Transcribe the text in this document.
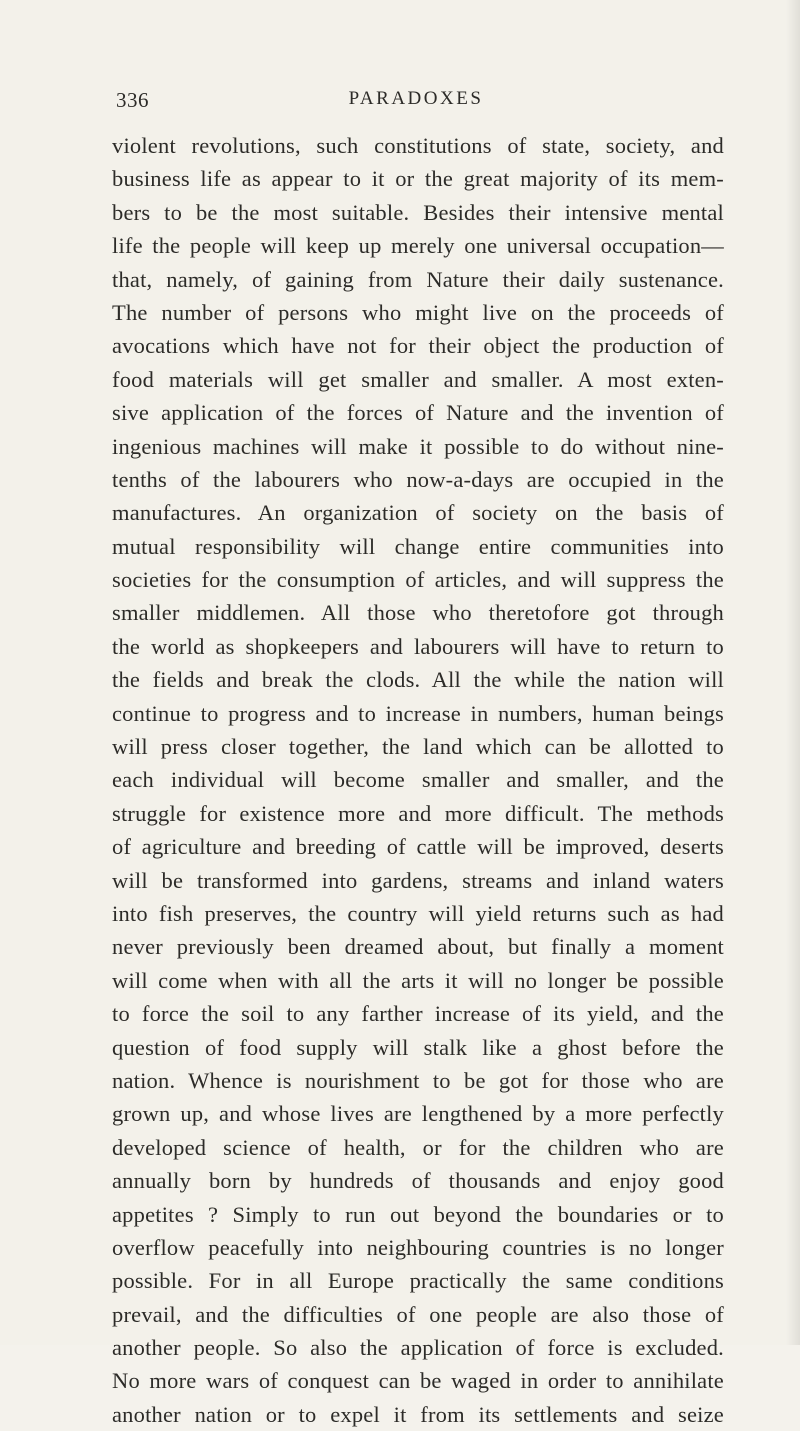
336	PARADOXES
violent revolutions, such constitutions of state, society, and
business life as appear to it or the great majority of its mem-
bers to be the most suitable. Besides their intensive mental
life the people will keep up merely one universal occupation—
that, namely, of gaining from Nature their daily sustenance.
The number of persons who might live on the proceeds of
avocations which have not for their object the production of
food materials will get smaller and smaller. A most exten-
sive application of the forces of Nature and the invention of
ingenious machines will make it possible to do without nine-
tenths of the labourers who now-a-days are occupied in the
manufactures. An organization of society on the basis of
mutual responsibility will change entire communities into
societies for the consumption of articles, and will suppress the
smaller middlemen. All those who theretofore got through
the world as shopkeepers and labourers will have to return to
the fields and break the clods. All the while the nation will
continue to progress and to increase in numbers, human beings
will press closer together, the land which can be allotted to
each individual will become smaller and smaller, and the
struggle for existence more and more difficult. The methods
of agriculture and breeding of cattle will be improved, deserts
will be transformed into gardens, streams and inland waters
into fish preserves, the country will yield returns such as had
never previously been dreamed about, but finally a moment
will come when with all the arts it will no longer be possible
to force the soil to any farther increase of its yield, and the
question of food supply will stalk like a ghost before the
nation. Whence is nourishment to be got for those who are
grown up, and whose lives are lengthened by a more perfectly
developed science of health, or for the children who are
annually born by hundreds of thousands and enjoy good
appetites ? Simply to run out beyond the boundaries or to
overflow peacefully into neighbouring countries is no longer
possible. For in all Europe practically the same conditions
prevail, and the difficulties of one people are also those of
another people. So also the application of force is excluded.
No more wars of conquest can be waged in order to annihilate
another nation or to expel it from its settlements and seize
